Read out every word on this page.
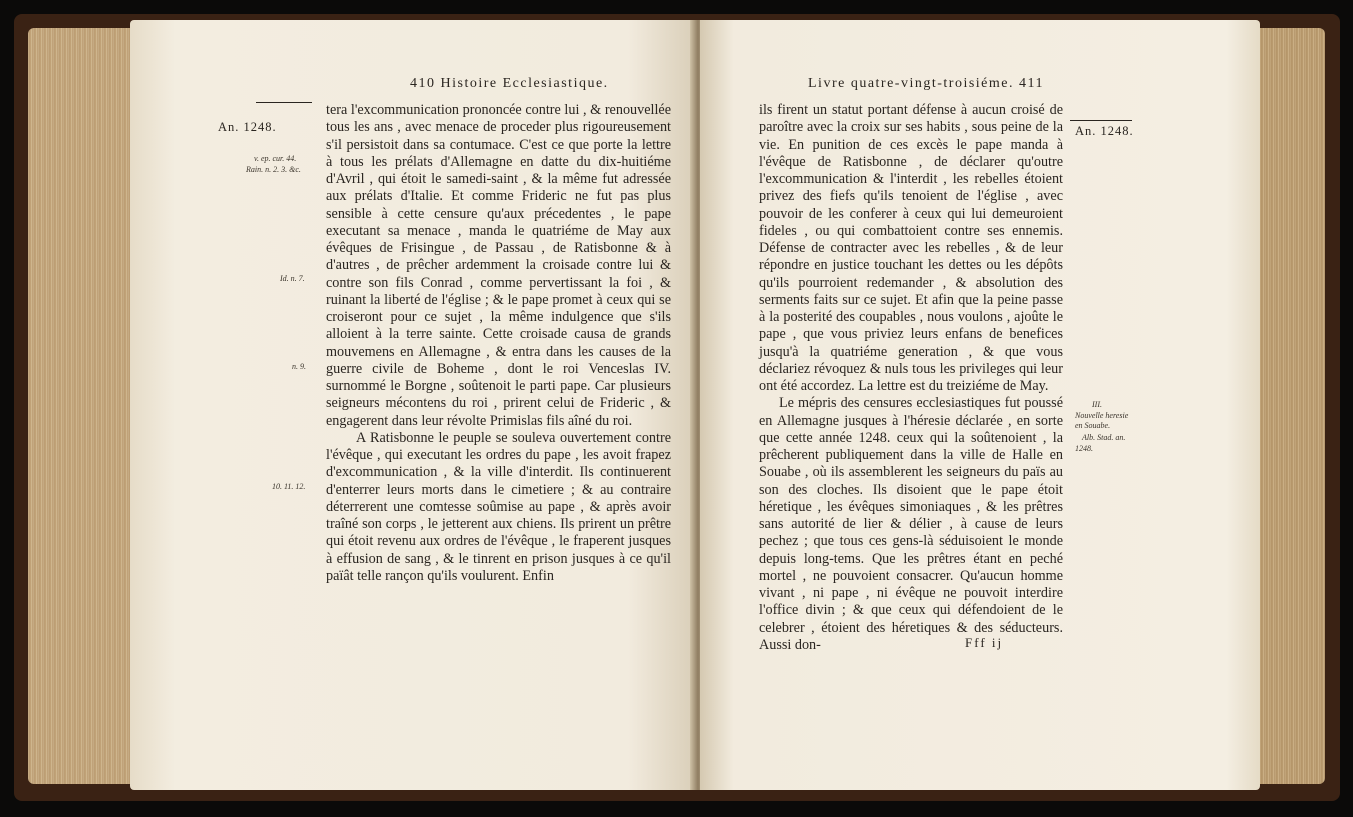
410 Histoire Ecclesiastique.
An. 1248.
v. ep. cur. 44.
Rain. n. 2. 3. &c.
Id. n. 7.
n. 9.
10. 11. 12.

tera l'excommunication prononcée contre lui , & renouvellée tous les ans , avec menace de proceder plus rigoureusement s'il persistoit dans sa contumace. C'est ce que porte la lettre à tous les prélats d'Allemagne en datte du dix-huitiéme d'Avril , qui étoit le samedi-saint , & la même fut adressée aux prélats d'Italie. Et comme Frideric ne fut pas plus sensible à cette censure qu'aux précedentes , le pape executant sa menace , manda le quatriéme de May aux évêques de Frisingue , de Passau , de Ratisbonne & à d'autres , de prêcher ardemment la croisade contre lui & contre son fils Conrad , comme pervertissant la foi , & ruinant la liberté de l'église ; & le pape promet à ceux qui se croiseront pour ce sujet , la même indulgence que s'ils alloient à la terre sainte. Cette croisade causa de grands mouvemens en Allemagne , & entra dans les causes de la guerre civile de Boheme , dont le roi Venceslas IV. surnommé le Borgne , soûtenoit le parti pape. Car plusieurs seigneurs mécontens du roi , prirent celui de Frideric , & engagerent dans leur révolte Primislas fils aîné du roi.

A Ratisbonne le peuple se souleva ouvertement contre l'évêque , qui executant les ordres du pape , les avoit frapez d'excommunication , & la ville d'interdit. Ils continuerent d'enterrer leurs morts dans le cimetiere ; & au contraire déterrerent une comtesse soûmise au pape , & après avoir traîné son corps , le jetterent aux chiens. Ils prirent un prêtre qui étoit revenu aux ordres de l'évêque , le fraperent jusques à effusion de sang , & le tinrent en prison jusques à ce qu'il païât telle rançon qu'ils voulurent. Enfin

Livre quatre-vingt-troisiéme. 411
An. 1248.
III.
Nouvelle heresie
en Souabe.
Alb. Stad. an.
1248.

ils firent un statut portant défense à aucun croisé de paroître avec la croix sur ses habits , sous peine de la vie. En punition de ces excès le pape manda à l'évêque de Ratisbonne , de déclarer qu'outre l'excommunication & l'interdit , les rebelles étoient privez des fiefs qu'ils tenoient de l'église , avec pouvoir de les conferer à ceux qui lui demeuroient fideles , ou qui combattoient contre ses ennemis. Défense de contracter avec les rebelles , & de leur répondre en justice touchant les dettes ou les dépôts qu'ils pourroient redemander , & absolution des serments faits sur ce sujet. Et afin que la peine passe à la posterité des coupables , nous voulons , ajoûte le pape , que vous priviez leurs enfans de benefices jusqu'à la quatriéme generation , & que vous déclariez révoquez & nuls tous les privileges qui leur ont été accordez. La lettre est du treiziéme de May.

Le mépris des censures ecclesiastiques fut poussé en Allemagne jusques à l'héresie déclarée , en sorte que cette année 1248. ceux qui la soûtenoient , la prêcherent publiquement dans la ville de Halle en Souabe , où ils assemblerent les seigneurs du païs au son des cloches. Ils disoient que le pape étoit héretique , les évêques simoniaques , & les prêtres sans autorité de lier & délier , à cause de leurs pechez ; que tous ces gens-là séduisoient le monde depuis long-tems. Que les prêtres étant en peché mortel , ne pouvoient consacrer. Qu'aucun homme vivant , ni pape , ni évêque ne pouvoit interdire l'office divin ; & que ceux qui défendoient de le celebrer , étoient des héretiques & des séducteurs. Aussi don-	Fff ij
